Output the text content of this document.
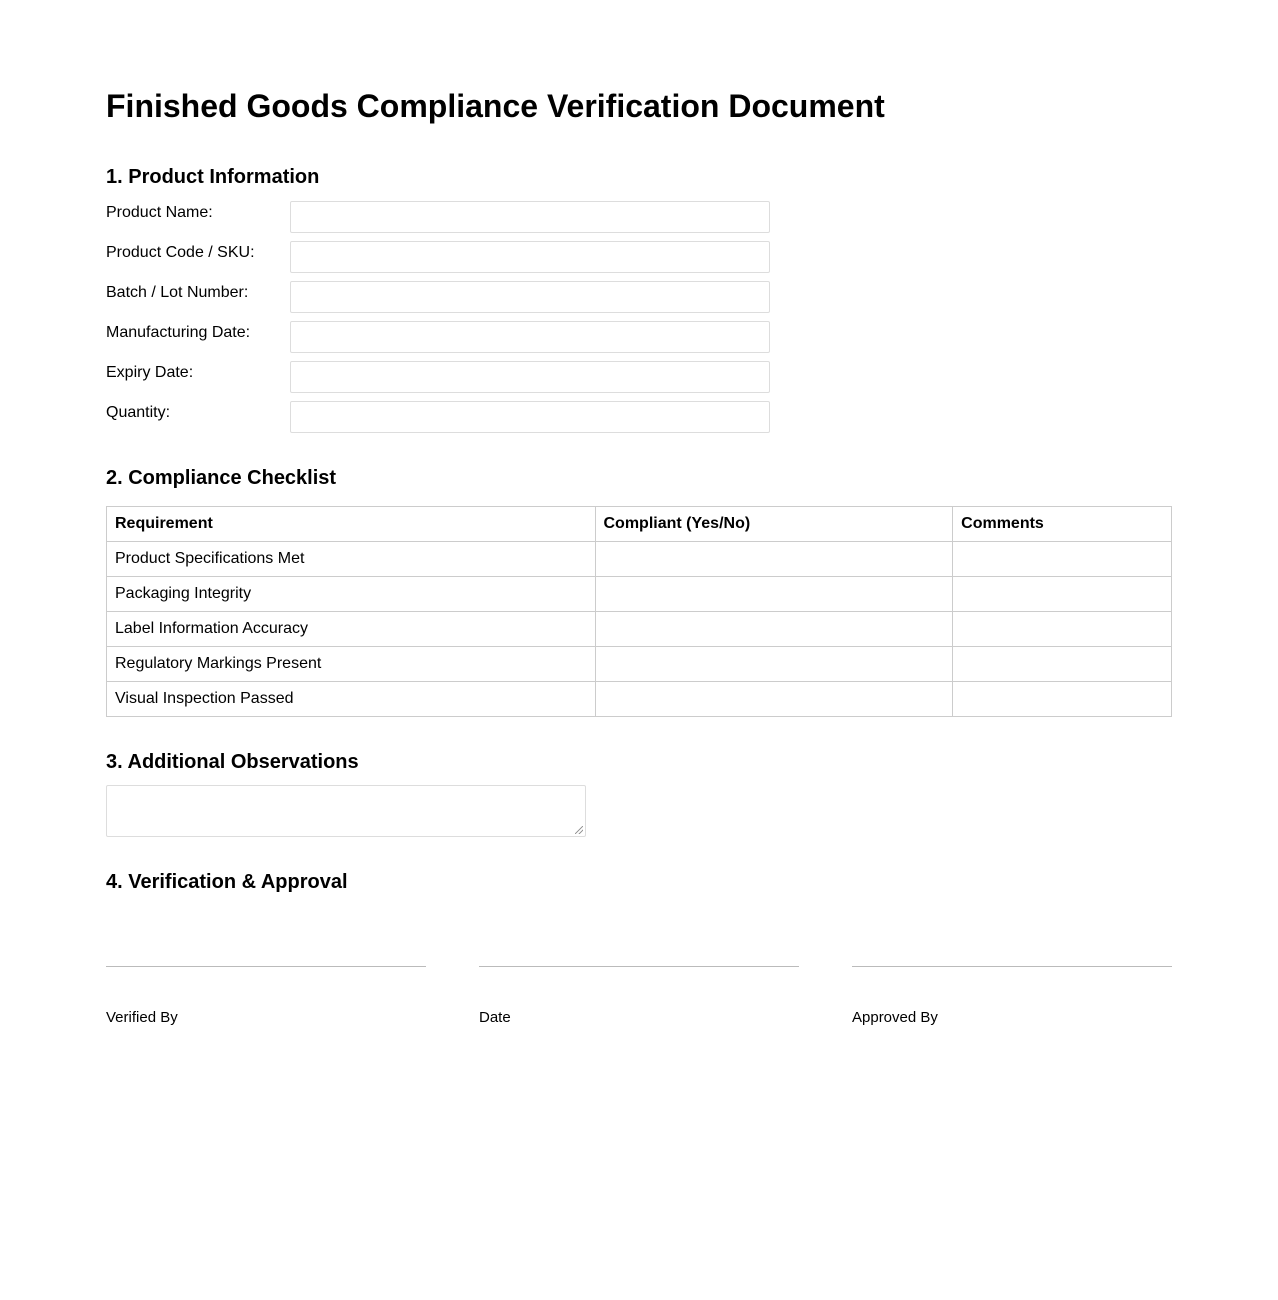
Finished Goods Compliance Verification Document
1. Product Information
Product Name:
Product Code / SKU:
Batch / Lot Number:
Manufacturing Date:
Expiry Date:
Quantity:
2. Compliance Checklist
Requirement	Compliant (Yes/No)	Comments
Product Specifications Met		
Packaging Integrity		
Label Information Accuracy		
Regulatory Markings Present		
Visual Inspection Passed		
3. Additional Observations
4. Verification & Approval
Verified By	Date	Approved By
